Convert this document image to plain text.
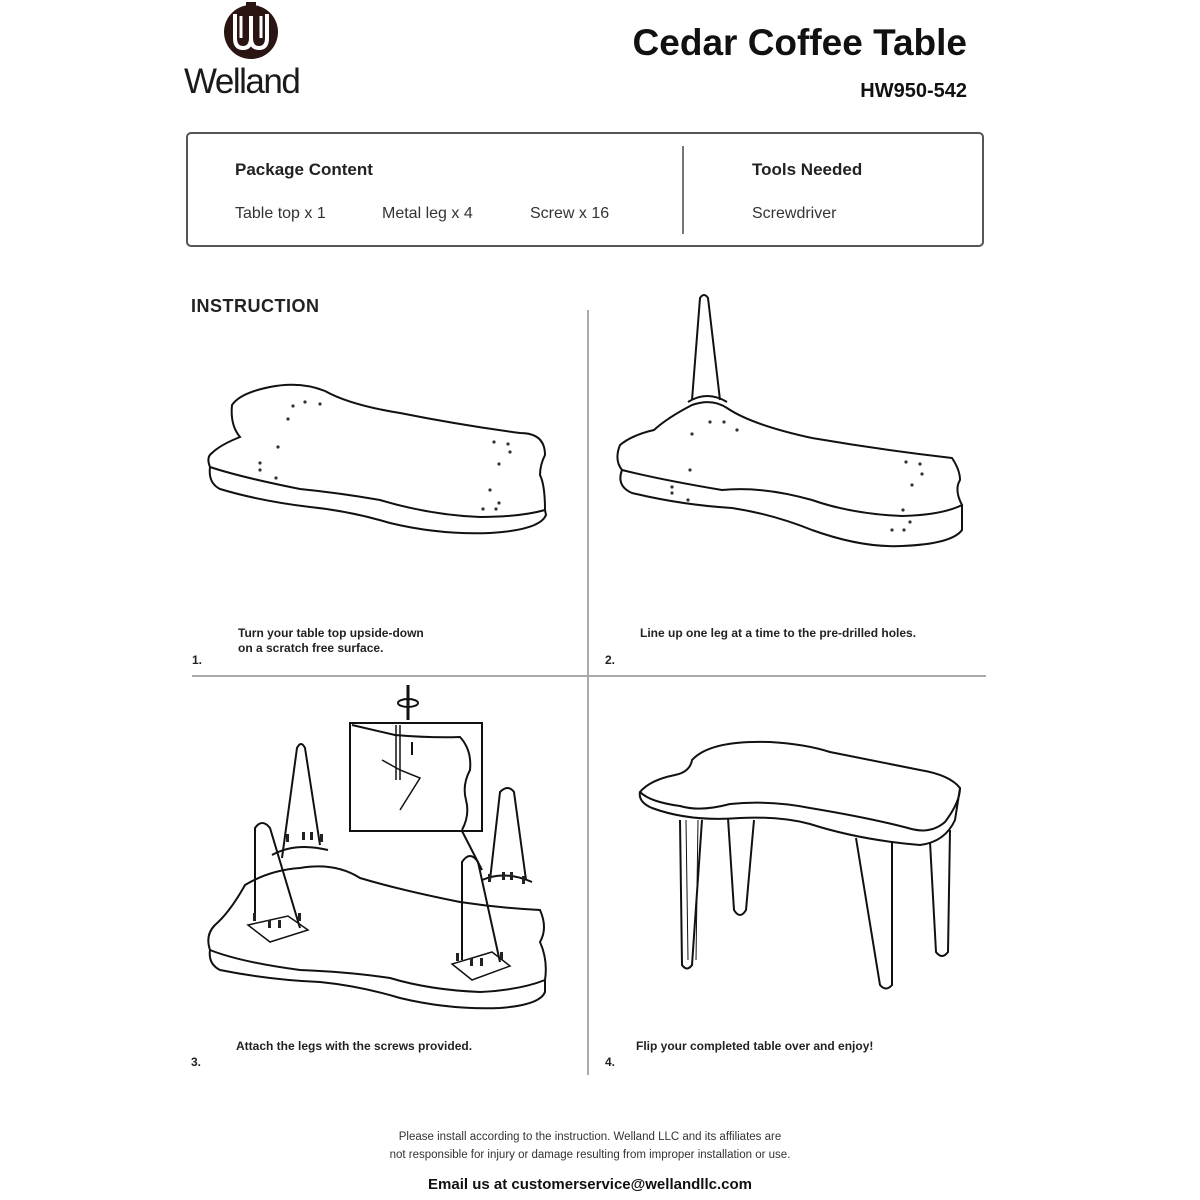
Welland
Cedar Coffee Table
HW950-542
Package Content
Table top x 1	Metal leg x 4	Screw x 16
Tools Needed
Screwdriver
INSTRUCTION
Turn your table top upside-down
on a scratch free surface.
1.
Line up one leg at a time to the pre-drilled holes.
2.
Attach the legs with the screws provided.
3.
Flip your completed table over and enjoy!
4.
Please install according to the instruction. Welland LLC and its affiliates are
not responsible for injury or damage resulting from improper installation or use.
Email us at customerservice@wellandllc.com
